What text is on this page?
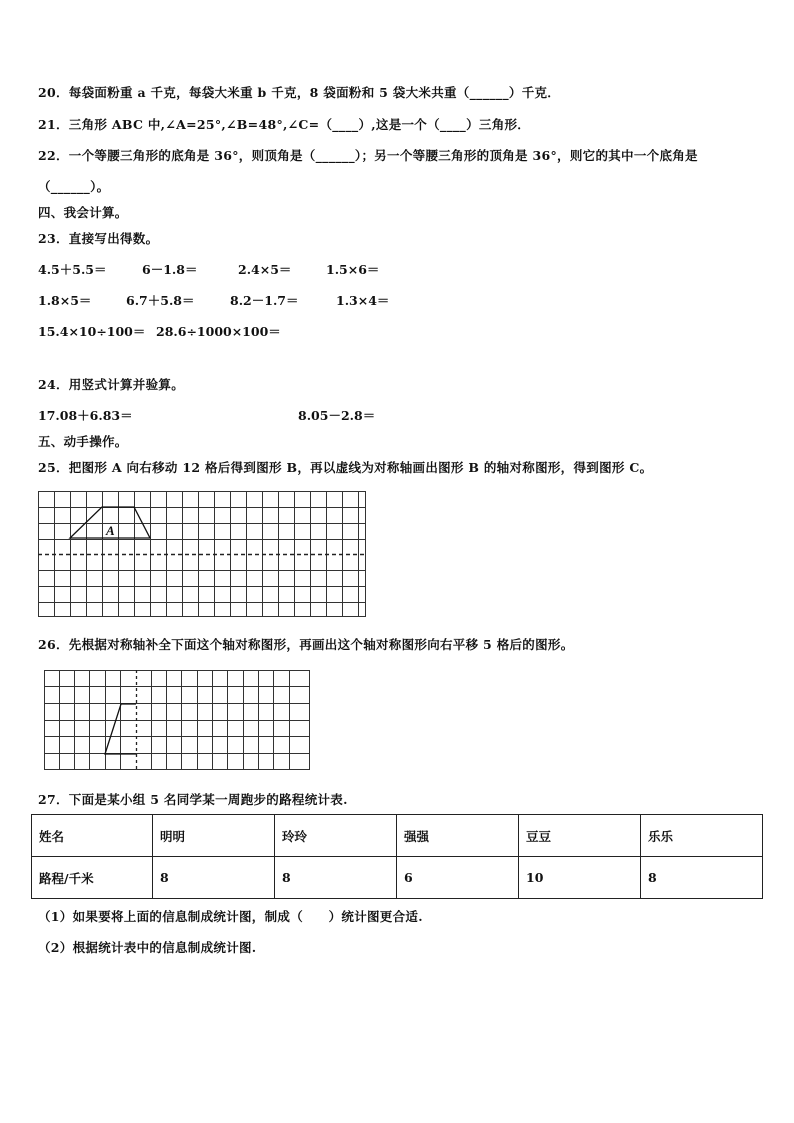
20．每袋面粉重 a 千克，每袋大米重 b 千克，8 袋面粉和 5 袋大米共重（______）千克．
21．三角形 ABC 中,∠A=25°,∠B=48°,∠C=（____）,这是一个（____）三角形．
22．一个等腰三角形的底角是 36°，则顶角是（______）；另一个等腰三角形的顶角是 36°，则它的其中一个底角是
（______）。
四、我会计算。
23．直接写出得数。
4.5＋5.5＝	6－1.8＝	2.4×5＝	1.5×6＝
1.8×5＝	6.7＋5.8＝	8.2－1.7＝	1.3×4＝
15.4×10÷100＝ 28.6÷1000×100＝
24．用竖式计算并验算。
17.08＋6.83＝	8.05－2.8＝
五、动手操作。
25．把图形 A 向右移动 12 格后得到图形 B，再以虚线为对称轴画出图形 B 的轴对称图形，得到图形 C。
A
26．先根据对称轴补全下面这个轴对称图形，再画出这个轴对称图形向右平移 5 格后的图形。
27．下面是某小组 5 名同学某一周跑步的路程统计表.
姓名	明明	玲玲	强强	豆豆	乐乐
路程/千米	8	8	6	10	8
（1）如果要将上面的信息制成统计图，制成（　　）统计图更合适.
（2）根据统计表中的信息制成统计图.
